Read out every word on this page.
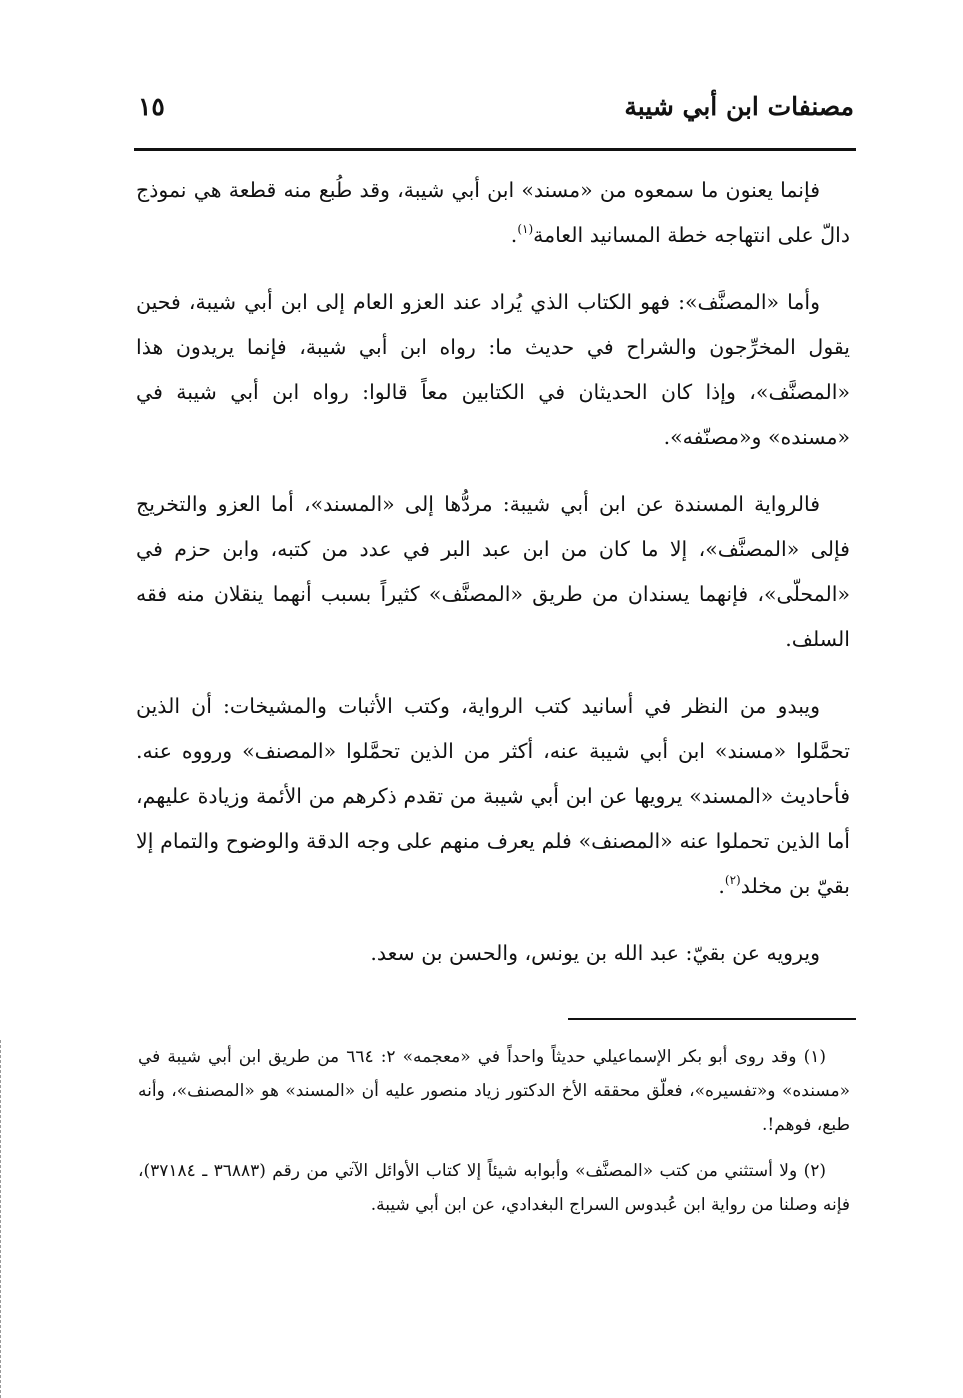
مصنفات ابن أبي شيبة
١٥

فإنما يعنون ما سمعوه من «مسند» ابن أبي شيبة، وقد طُبع منه قطعة هي نموذج دالّ على انتهاجه خطة المسانيد العامة$^{(١)}$.

وأما «المصنَّف»: فهو الكتاب الذي يُراد عند العزو العام إلى ابن أبي شيبة، فحين يقول المخرِّجون والشراح في حديث ما: رواه ابن أبي شيبة، فإنما يريدون هذا «المصنَّف»، وإذا كان الحديثان في الكتابين معاً قالوا: رواه ابن أبي شيبة في «مسنده» و«مصنّفه».

فالرواية المسندة عن ابن أبي شيبة: مردُّها إلى «المسند»، أما العزو والتخريج فإلى «المصنَّف»، إلا ما كان من ابن عبد البر في عدد من كتبه، وابن حزم في «المحلّى»، فإنهما يسندان من طريق «المصنَّف» كثيراً بسبب أنهما ينقلان منه فقه السلف.

ويبدو من النظر في أسانيد كتب الرواية، وكتب الأثبات والمشيخات: أن الذين تحمَّلوا «مسند» ابن أبي شيبة عنه، أكثر من الذين تحمَّلوا «المصنف» ورووه عنه. فأحاديث «المسند» يرويها عن ابن أبي شيبة من تقدم ذكرهم من الأئمة وزيادة عليهم، أما الذين تحملوا عنه «المصنف» فلم يعرف منهم على وجه الدقة والوضوح والتمام إلا بقيّ بن مخلد$^{(٢)}$.

ويرويه عن بقيّ: عبد الله بن يونس، والحسن بن سعد.

(١) وقد روى أبو بكر الإسماعيلي حديثاً واحداً في «معجمه» ٢: ٦٦٤ من طريق ابن أبي شيبة في «مسنده» و«تفسيره»، فعلّق محققه الأخ الدكتور زياد منصور عليه أن «المسند» هو «المصنف»، وأنه طبع، فوهم!.

(٢) ولا أستثني من كتب «المصنَّف» وأبوابه شيئاً إلا كتاب الأوائل الآتي من رقم (٣٦٨٨٣ ـ ٣٧١٨٤)، فإنه وصلنا من رواية ابن عُبدوس السراج البغدادي، عن ابن أبي شيبة.
